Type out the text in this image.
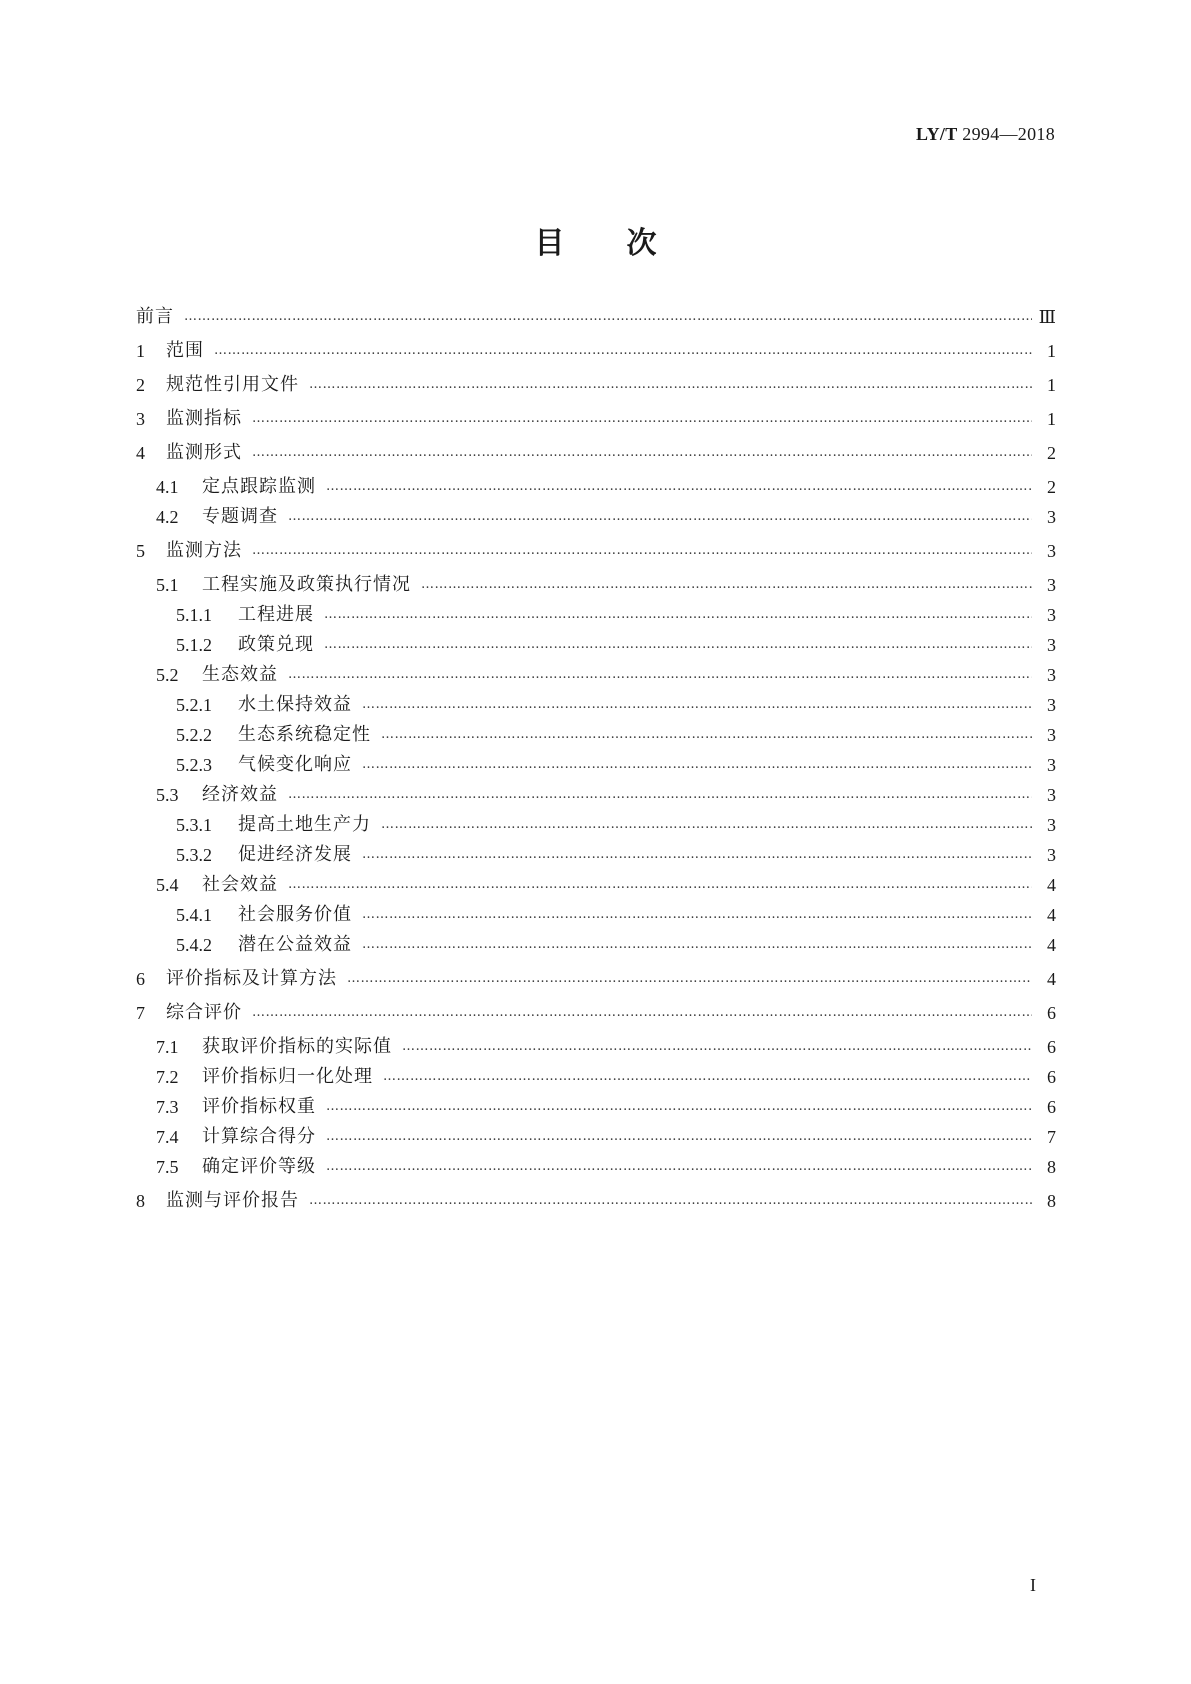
LY/T 2994—2018
目次
前言 …………………………………………………………………………………………………………………………………………………………………………………………………………………………………………	Ⅲ
1	范围 …………………………………………………………………………………………………………………………………………………………………………………………………………………………………………	1
2	规范性引用文件 …………………………………………………………………………………………………………………………………………………………………………………………………………………………………………	1
3	监测指标 …………………………………………………………………………………………………………………………………………………………………………………………………………………………………………	1
4	监测形式 …………………………………………………………………………………………………………………………………………………………………………………………………………………………………………	2
4.1	定点跟踪监测 …………………………………………………………………………………………………………………………………………………………………………………………………………………………………………	2
4.2	专题调查 …………………………………………………………………………………………………………………………………………………………………………………………………………………………………………	3
5	监测方法 …………………………………………………………………………………………………………………………………………………………………………………………………………………………………………	3
5.1	工程实施及政策执行情况 …………………………………………………………………………………………………………………………………………………………………………………………………………………………………………	3
5.1.1	工程进展 …………………………………………………………………………………………………………………………………………………………………………………………………………………………………………	3
5.1.2	政策兑现 …………………………………………………………………………………………………………………………………………………………………………………………………………………………………………	3
5.2	生态效益 …………………………………………………………………………………………………………………………………………………………………………………………………………………………………………	3
5.2.1	水土保持效益 …………………………………………………………………………………………………………………………………………………………………………………………………………………………………………	3
5.2.2	生态系统稳定性 …………………………………………………………………………………………………………………………………………………………………………………………………………………………………………	3
5.2.3	气候变化响应 …………………………………………………………………………………………………………………………………………………………………………………………………………………………………………	3
5.3	经济效益 …………………………………………………………………………………………………………………………………………………………………………………………………………………………………………	3
5.3.1	提高土地生产力 …………………………………………………………………………………………………………………………………………………………………………………………………………………………………………	3
5.3.2	促进经济发展 …………………………………………………………………………………………………………………………………………………………………………………………………………………………………………	3
5.4	社会效益 …………………………………………………………………………………………………………………………………………………………………………………………………………………………………………	4
5.4.1	社会服务价值 …………………………………………………………………………………………………………………………………………………………………………………………………………………………………………	4
5.4.2	潜在公益效益 …………………………………………………………………………………………………………………………………………………………………………………………………………………………………………	4
6	评价指标及计算方法 …………………………………………………………………………………………………………………………………………………………………………………………………………………………………………	4
7	综合评价 …………………………………………………………………………………………………………………………………………………………………………………………………………………………………………	6
7.1	获取评价指标的实际值 …………………………………………………………………………………………………………………………………………………………………………………………………………………………………………	6
7.2	评价指标归一化处理 …………………………………………………………………………………………………………………………………………………………………………………………………………………………………………	6
7.3	评价指标权重 …………………………………………………………………………………………………………………………………………………………………………………………………………………………………………	6
7.4	计算综合得分 …………………………………………………………………………………………………………………………………………………………………………………………………………………………………………	7
7.5	确定评价等级 …………………………………………………………………………………………………………………………………………………………………………………………………………………………………………	8
8	监测与评价报告 …………………………………………………………………………………………………………………………………………………………………………………………………………………………………………	8
I
